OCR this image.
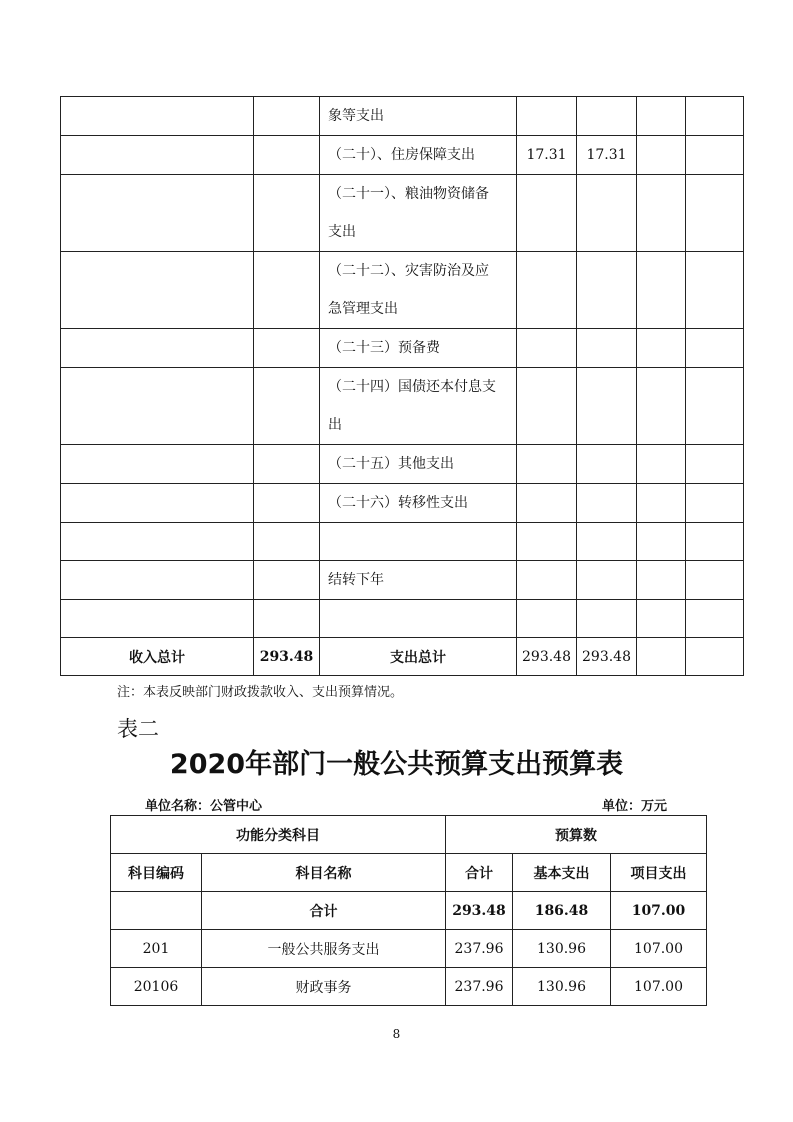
		象等支出				
		（二十）、住房保障支出	17.31	17.31		

		（二十一）、粮油物资储备
支出				

		（二十二）、灾害防治及应
急管理支出				

		（二十三）预备费				

		（二十四）国债还本付息支
出				

		（二十五）其他支出				
		（二十六）转移性支出				

		结转下年				

收入总计	293.48	支出总计	293.48	293.48		
注：本表反映部门财政拨款收入、支出预算情况。
表二
2020年部门一般公共预算支出预算表
单位名称：公管中心	单位：万元
功能分类科目		预算数		
科目编码	科目名称	合计	基本支出	项目支出
	合计	293.48	186.48	107.00
201	一般公共服务支出	237.96	130.96	107.00
20106	财政事务	237.96	130.96	107.00
8
